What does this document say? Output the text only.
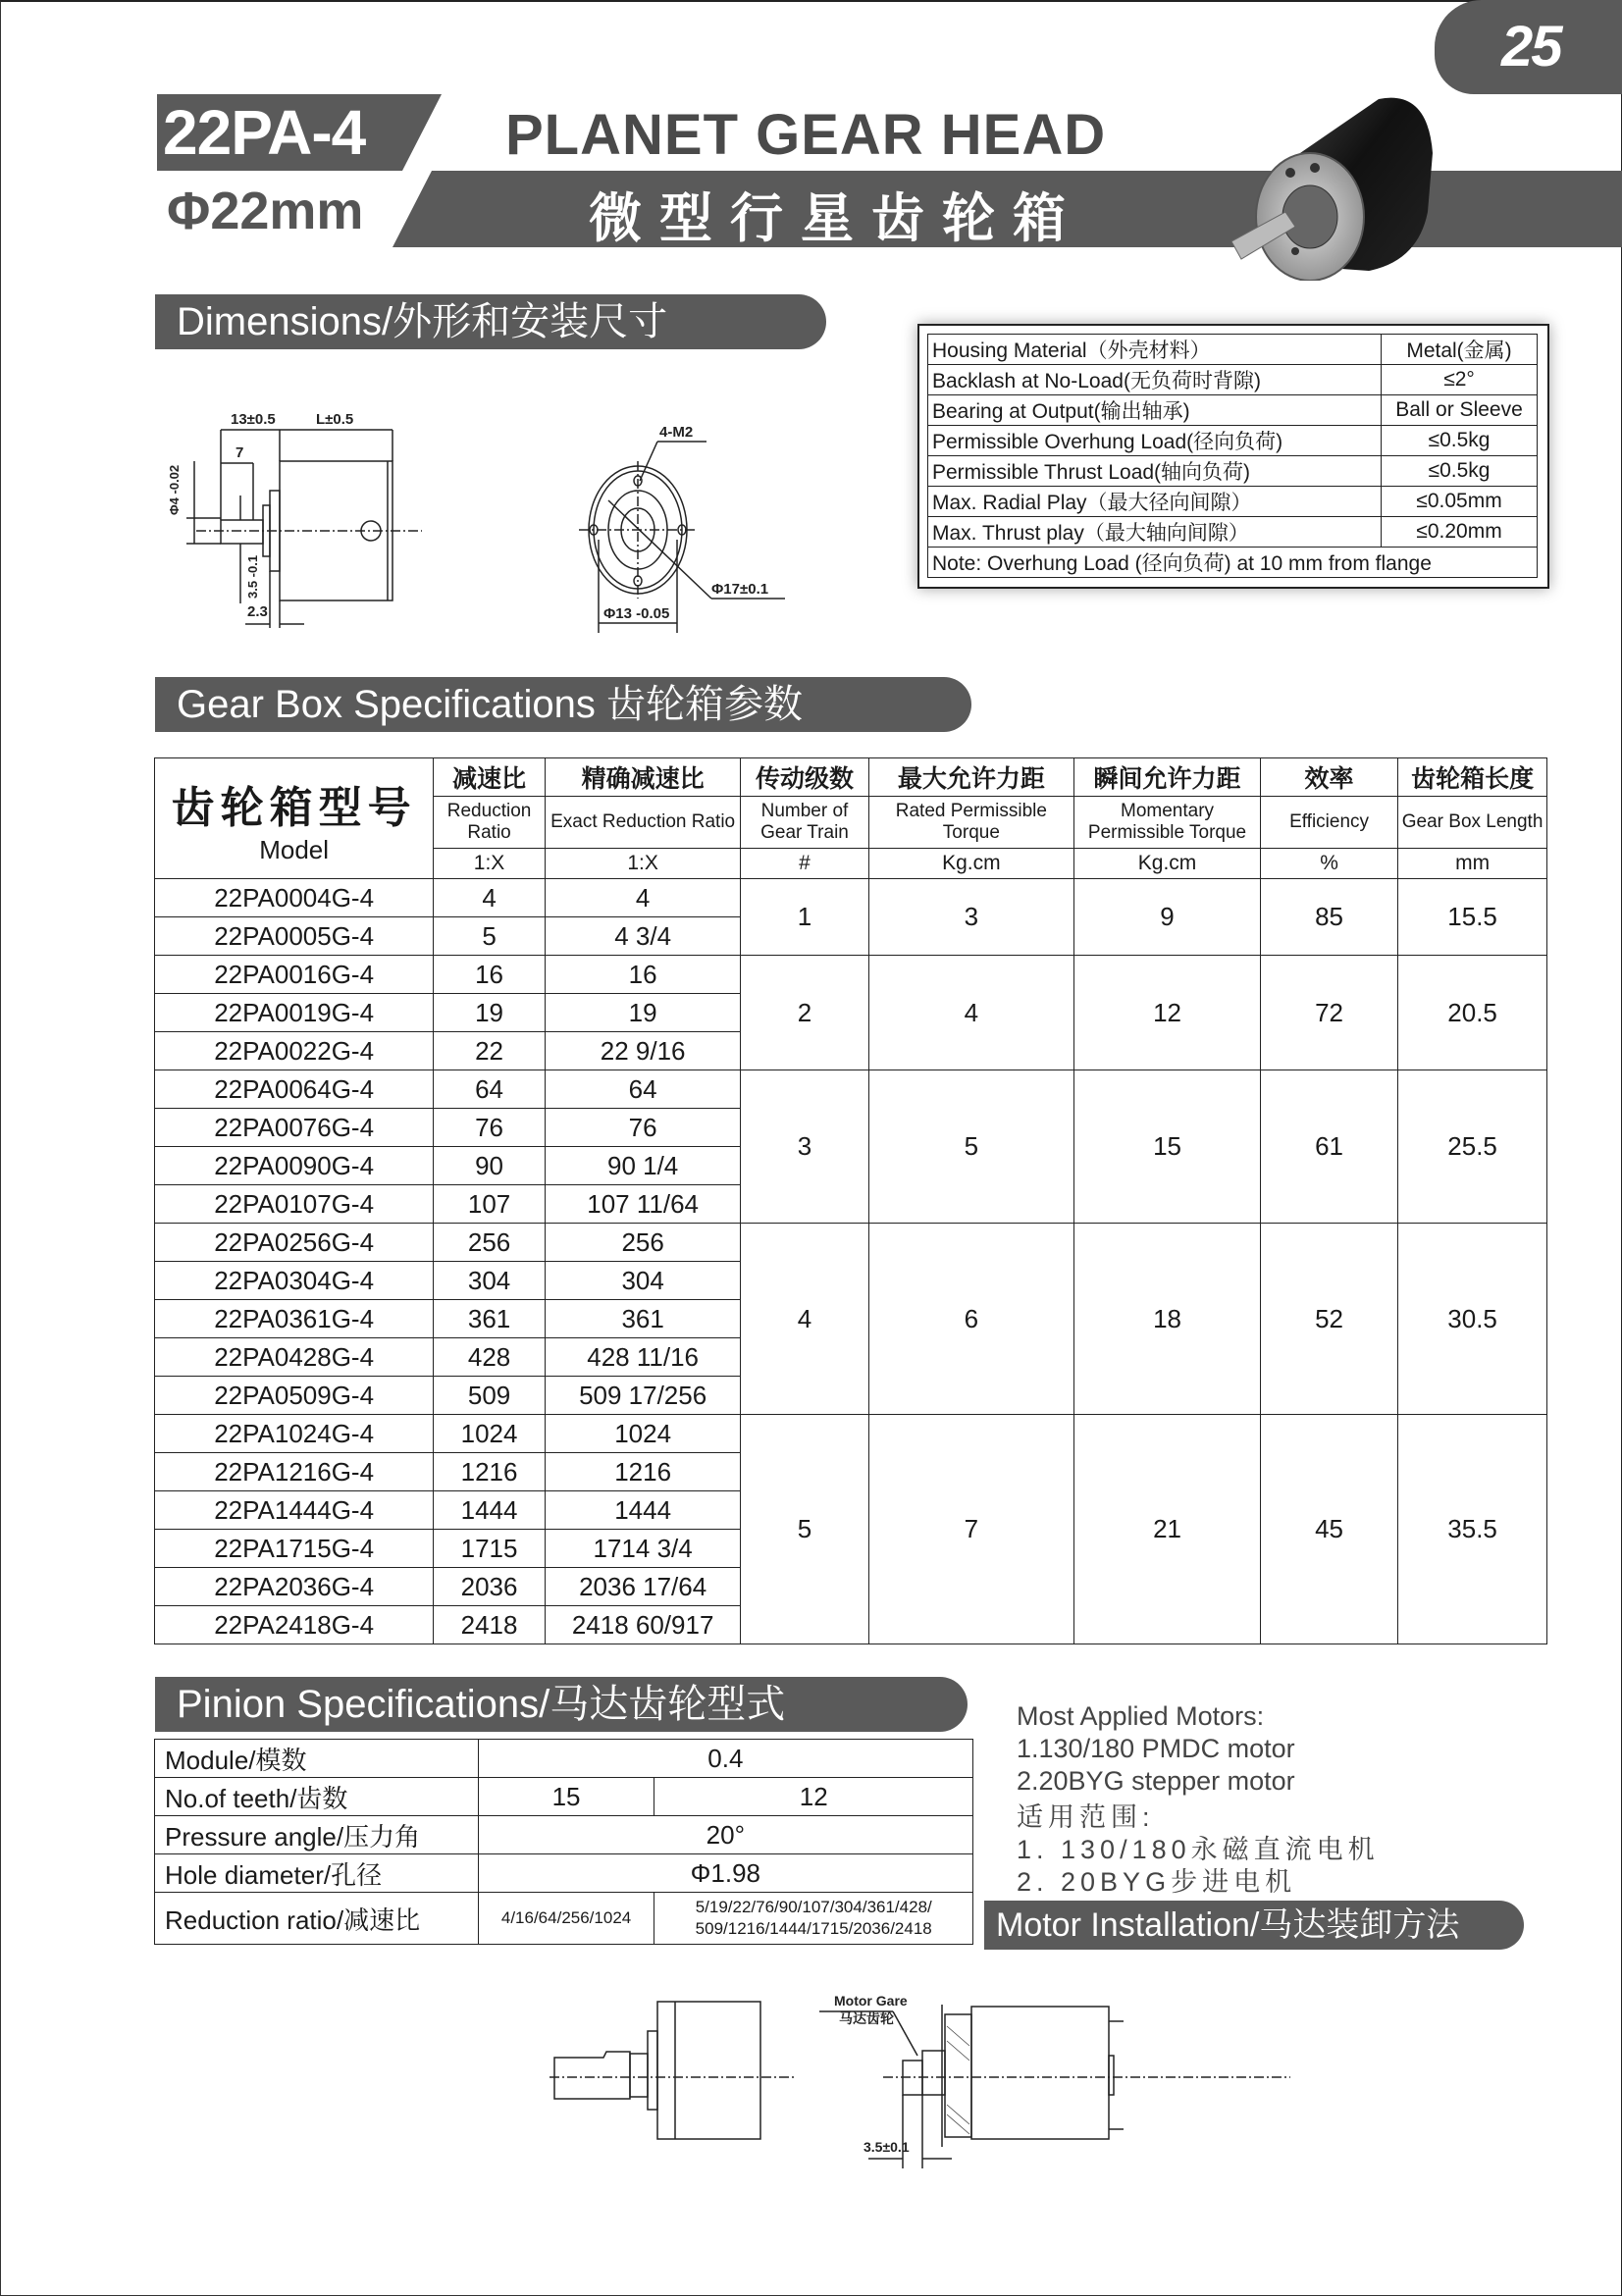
25
22PA-4 PLANET GEAR HEAD
Φ22mm	微型行星齿轮箱
Dimensions/外形和安装尺寸
13±0.5	L±0.5
7
Φ4 -0.02
3.5 -0.1
2.3
4-M2
Φ17±0.1
Φ13 -0.05
Housing Material（外壳材料）	Metal(金属)
Backlash at No-Load(无负荷时背隙)	≤2°
Bearing at Output(输出轴承)	Ball or Sleeve
Permissible Overhung Load(径向负荷)	≤0.5kg
Permissible Thrust Load(轴向负荷)	≤0.5kg
Max. Radial Play（最大径向间隙）	≤0.05mm
Max. Thrust play（最大轴向间隙）	≤0.20mm
Note: Overhung Load (径向负荷) at 10 mm from flange	
Gear Box Specifications 齿轮箱参数
齿轮箱型号
Model	减速比	精确减速比	传动级数	最大允许力距	瞬间允许力距	效率	齿轮箱长度
	Reduction Ratio	Exact Reduction Ratio	Number of Gear Train	Rated Permissible Torque	Momentary Permissible Torque	Efficiency	Gear Box Length
	1:X	1:X	#	Kg.cm	Kg.cm	%	mm
22PA0004G-4	4	4	1	3	9	85	15.5
22PA0005G-4	5	4 3/4					
22PA0016G-4	16	16	2	4	12	72	20.5
22PA0019G-4	19	19					
22PA0022G-4	22	22 9/16					
22PA0064G-4	64	64	3	5	15	61	25.5
22PA0076G-4	76	76					
22PA0090G-4	90	90 1/4					
22PA0107G-4	107	107 11/64					
22PA0256G-4	256	256	4	6	18	52	30.5
22PA0304G-4	304	304					
22PA0361G-4	361	361					
22PA0428G-4	428	428 11/16					
22PA0509G-4	509	509 17/256					
22PA1024G-4	1024	1024	5	7	21	45	35.5
22PA1216G-4	1216	1216					
22PA1444G-4	1444	1444					
22PA1715G-4	1715	1714 3/4					
22PA2036G-4	2036	2036 17/64					
22PA2418G-4	2418	2418 60/917					
Pinion Specifications/马达齿轮型式
Module/模数	0.4	
No.of teeth/齿数	15	12
Pressure angle/压力角	20°	
Hole diameter/孔径	Φ1.98	
Reduction ratio/减速比	4/16/64/256/1024	5/19/22/76/90/107/304/361/428/
509/1216/1444/1715/2036/2418
Most Applied Motors:
1.130/180 PMDC motor
2.20BYG stepper motor
适用范围:
1. 130/180永磁直流电机
2. 20BYG步进电机
Motor Installation/马达装卸方法
Motor Gare
马达齿轮
3.5±0.1
